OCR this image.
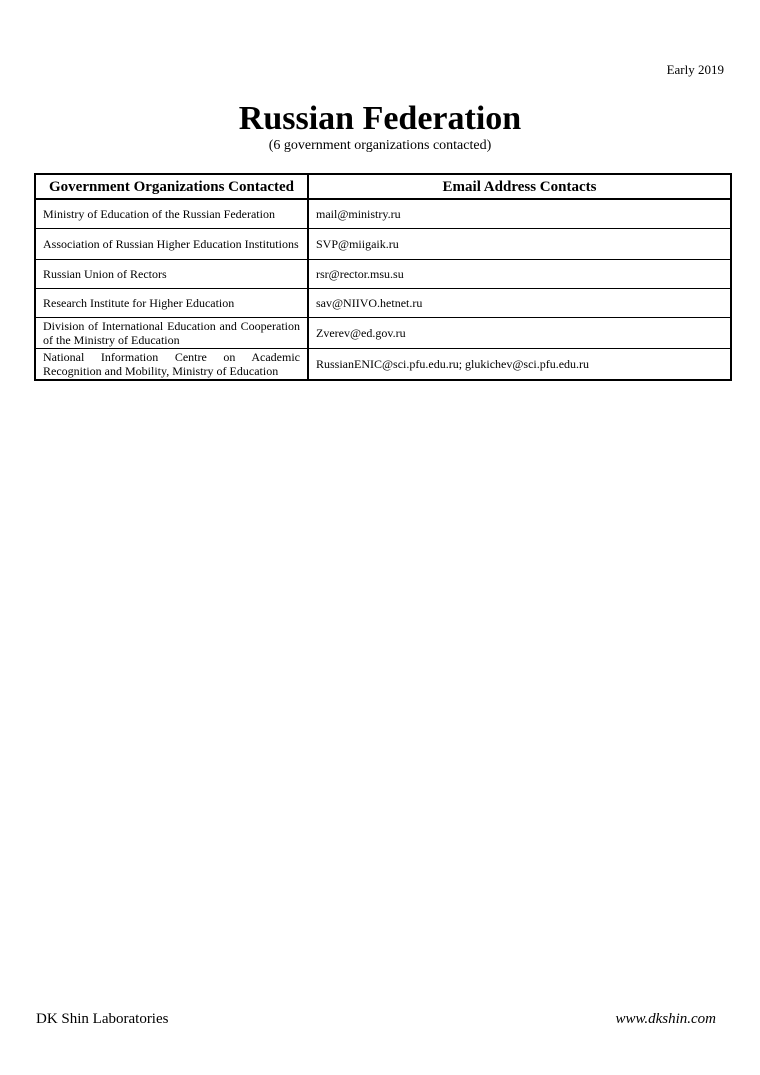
Early 2019
Russian Federation
(6 government organizations contacted)
Government Organizations Contacted	Email Address Contacts
Ministry of Education of the Russian Federation	mail@ministry.ru
Association of Russian Higher Education Institutions	SVP@miigaik.ru
Russian Union of Rectors	rsr@rector.msu.su
Research Institute for Higher Education	sav@NIIVO.hetnet.ru
Division of International Education and Cooperation of the Ministry of Education	Zverev@ed.gov.ru
National Information Centre on Academic Recognition and Mobility, Ministry of Education	RussianENIC@sci.pfu.edu.ru; glukichev@sci.pfu.edu.ru
DK Shin Laboratories	www.dkshin.com
